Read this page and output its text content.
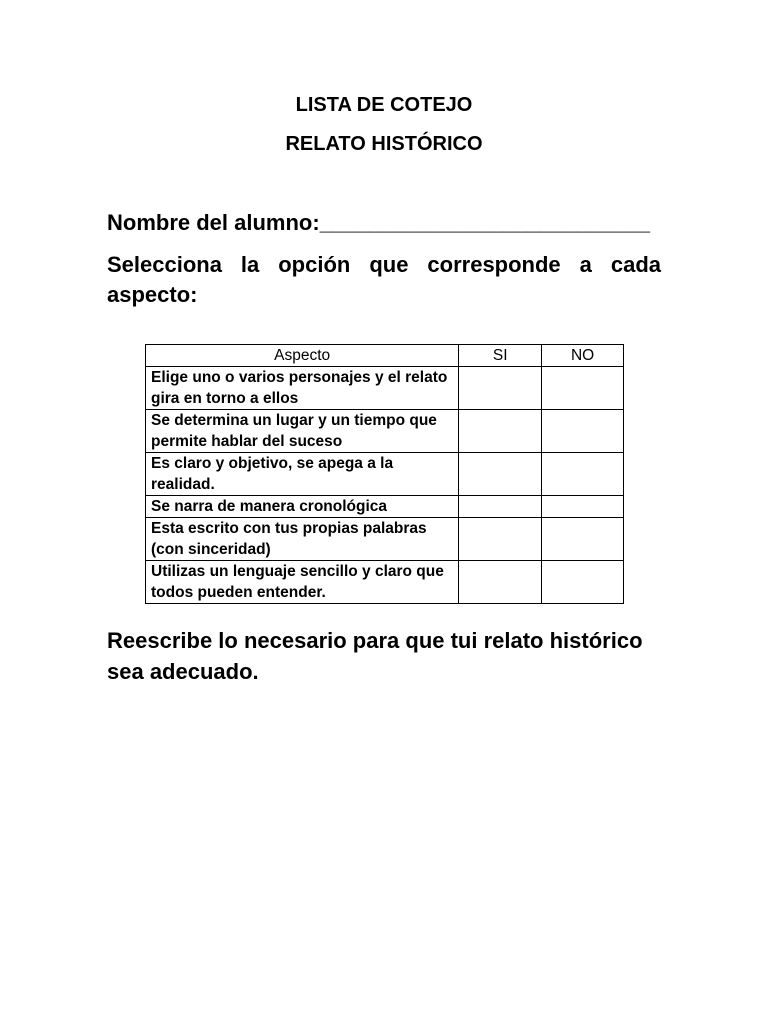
LISTA DE COTEJO
RELATO HISTÓRICO
Nombre del alumno:___________________________
Selecciona la opción que corresponde a cada aspecto:
Aspecto	SI	NO
Elige uno o varios personajes y el relato gira en torno a ellos		
Se determina un lugar y un tiempo que permite hablar del suceso		
Es claro y objetivo, se apega a la realidad.		
Se narra de manera cronológica		
Esta escrito con tus propias palabras (con sinceridad)		
Utilizas un lenguaje sencillo y claro que todos pueden entender.		
Reescribe lo necesario para que tui relato histórico sea adecuado.
